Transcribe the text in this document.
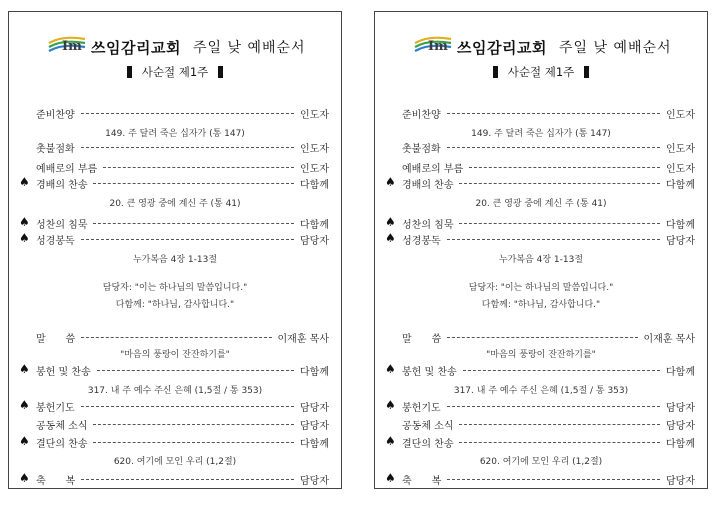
Im 쓰임감리교회 주일 낮 예배순서
사순절 제1주
준비찬양	인도자
149. 주 달려 죽은 십자가 (통 147)
촛불점화	인도자
예배로의 부름	인도자
♠ 경배의 찬송	다함께
20. 큰 영광 중에 계신 주 (통 41)
♠ 성찬의 침묵	다함께
♠ 성경봉독	담당자
누가복음 4장 1-13절
담당자: "이는 하나님의 말씀입니다."
다함께: "하나님, 감사합니다."
말　　씀	이재훈 목사
"마음의 풍랑이 잔잔하기를"
♠ 봉헌 및 찬송	다함께
317. 내 주 예수 주신 은혜 (1,5절 / 통 353)
♠ 봉헌기도	담당자
공동체 소식	담당자
♠ 결단의 찬송	다함께
620. 여기에 모인 우리 (1,2절)
♠ 축　　복	담당자
Im 쓰임감리교회 주일 낮 예배순서
사순절 제1주
준비찬양	인도자
149. 주 달려 죽은 십자가 (통 147)
촛불점화	인도자
예배로의 부름	인도자
♠ 경배의 찬송	다함께
20. 큰 영광 중에 계신 주 (통 41)
♠ 성찬의 침묵	다함께
♠ 성경봉독	담당자
누가복음 4장 1-13절
담당자: "이는 하나님의 말씀입니다."
다함께: "하나님, 감사합니다."
말　　씀	이재훈 목사
"마음의 풍랑이 잔잔하기를"
♠ 봉헌 및 찬송	다함께
317. 내 주 예수 주신 은혜 (1,5절 / 통 353)
♠ 봉헌기도	담당자
공동체 소식	담당자
♠ 결단의 찬송	다함께
620. 여기에 모인 우리 (1,2절)
♠ 축　　복	담당자
